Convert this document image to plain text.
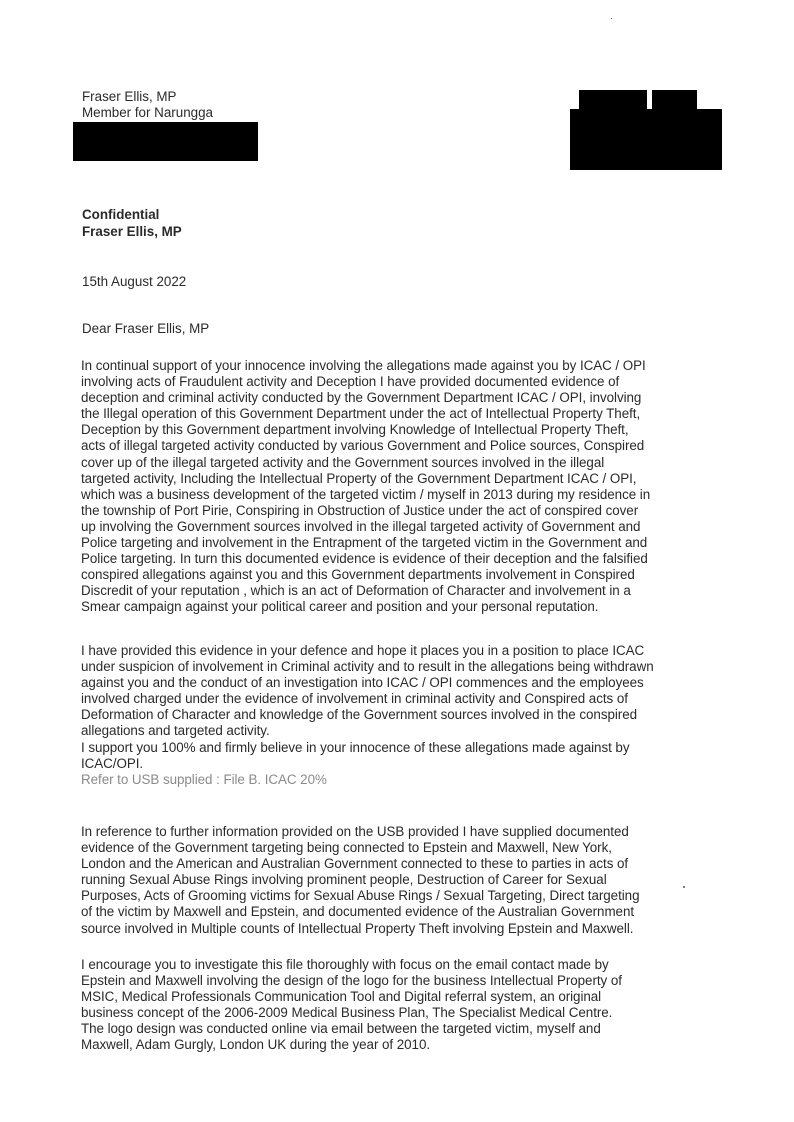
Fraser Ellis, MP
Member for Narungga
Confidential
Fraser Ellis, MP
15th August 2022
Dear Fraser Ellis, MP
In continual support of your innocence involving the allegations made against you by ICAC / OPI
involving acts of Fraudulent activity and Deception I have provided documented evidence of
deception and criminal activity conducted by the Government Department ICAC / OPI, involving
the Illegal operation of this Government Department under the act of Intellectual Property Theft,
Deception by this Government department involving Knowledge of Intellectual Property Theft,
acts of illegal targeted activity conducted by various Government and Police sources, Conspired
cover up of the illegal targeted activity and the Government sources involved in the illegal
targeted activity, Including the Intellectual Property of the Government Department ICAC / OPI,
which was a business development of the targeted victim / myself in 2013 during my residence in
the township of Port Pirie, Conspiring in Obstruction of Justice under the act of conspired cover
up involving the Government sources involved in the illegal targeted activity of Government and
Police targeting and involvement in the Entrapment of the targeted victim in the Government and
Police targeting. In turn this documented evidence is evidence of their deception and the falsified
conspired allegations against you and this Government departments involvement in Conspired
Discredit of your reputation , which is an act of Deformation of Character and involvement in a
Smear campaign against your political career and position and your personal reputation.
I have provided this evidence in your defence and hope it places you in a position to place ICAC
under suspicion of involvement in Criminal activity and to result in the allegations being withdrawn
against you and the conduct of an investigation into ICAC / OPI commences and the employees
involved charged under the evidence of involvement in criminal activity and Conspired acts of
Deformation of Character and knowledge of the Government sources involved in the conspired
allegations and targeted activity.
I support you 100% and firmly believe in your innocence of these allegations made against by
ICAC/OPI.
Refer to USB supplied : File B. ICAC 20%
In reference to further information provided on the USB provided I have supplied documented
evidence of the Government targeting being connected to Epstein and Maxwell, New York,
London and the American and Australian Government connected to these to parties in acts of
running Sexual Abuse Rings involving prominent people, Destruction of Career for Sexual
Purposes, Acts of Grooming victims for Sexual Abuse Rings / Sexual Targeting, Direct targeting
of the victim by Maxwell and Epstein, and documented evidence of the Australian Government
source involved in Multiple counts of Intellectual Property Theft involving Epstein and Maxwell.
I encourage you to investigate this file thoroughly with focus on the email contact made by
Epstein and Maxwell involving the design of the logo for the business Intellectual Property of
MSIC, Medical Professionals Communication Tool and Digital referral system, an original
business concept of the 2006-2009 Medical Business Plan, The Specialist Medical Centre.
The logo design was conducted online via email between the targeted victim, myself and
Maxwell, Adam Gurgly, London UK during the year of 2010.
